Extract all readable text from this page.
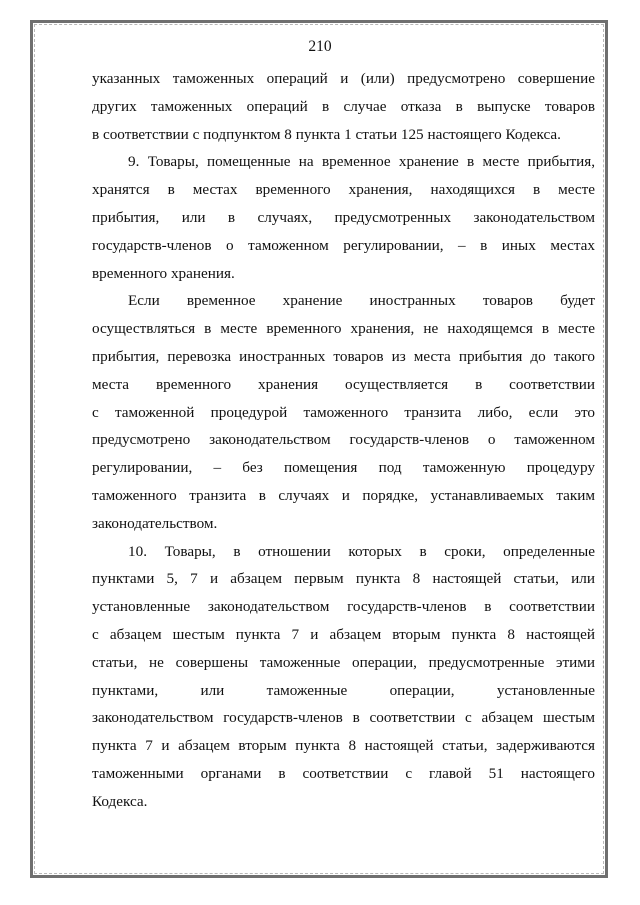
210
указанных таможенных операций и (или) предусмотрено совершение
других таможенных операций в случае отказа в выпуске товаров
в соответствии с подпунктом 8 пункта 1 статьи 125 настоящего Кодекса.
9. Товары, помещенные на временное хранение в месте прибытия,
хранятся в местах временного хранения, находящихся в месте
прибытия, или в случаях, предусмотренных законодательством
государств-членов о таможенном регулировании, – в иных местах
временного хранения.
Если временное хранение иностранных товаров будет
осуществляться в месте временного хранения, не находящемся в месте
прибытия, перевозка иностранных товаров из места прибытия до такого
места временного хранения осуществляется в соответствии
с таможенной процедурой таможенного транзита либо, если это
предусмотрено законодательством государств-членов о таможенном
регулировании, – без помещения под таможенную процедуру
таможенного транзита в случаях и порядке, устанавливаемых таким
законодательством.
10. Товары, в отношении которых в сроки, определенные
пунктами 5, 7 и абзацем первым пункта 8 настоящей статьи, или
установленные законодательством государств-членов в соответствии
с абзацем шестым пункта 7 и абзацем вторым пункта 8 настоящей
статьи, не совершены таможенные операции, предусмотренные этими
пунктами, или таможенные операции, установленные
законодательством государств-членов в соответствии с абзацем шестым
пункта 7 и абзацем вторым пункта 8 настоящей статьи, задерживаются
таможенными органами в соответствии с главой 51 настоящего
Кодекса.
